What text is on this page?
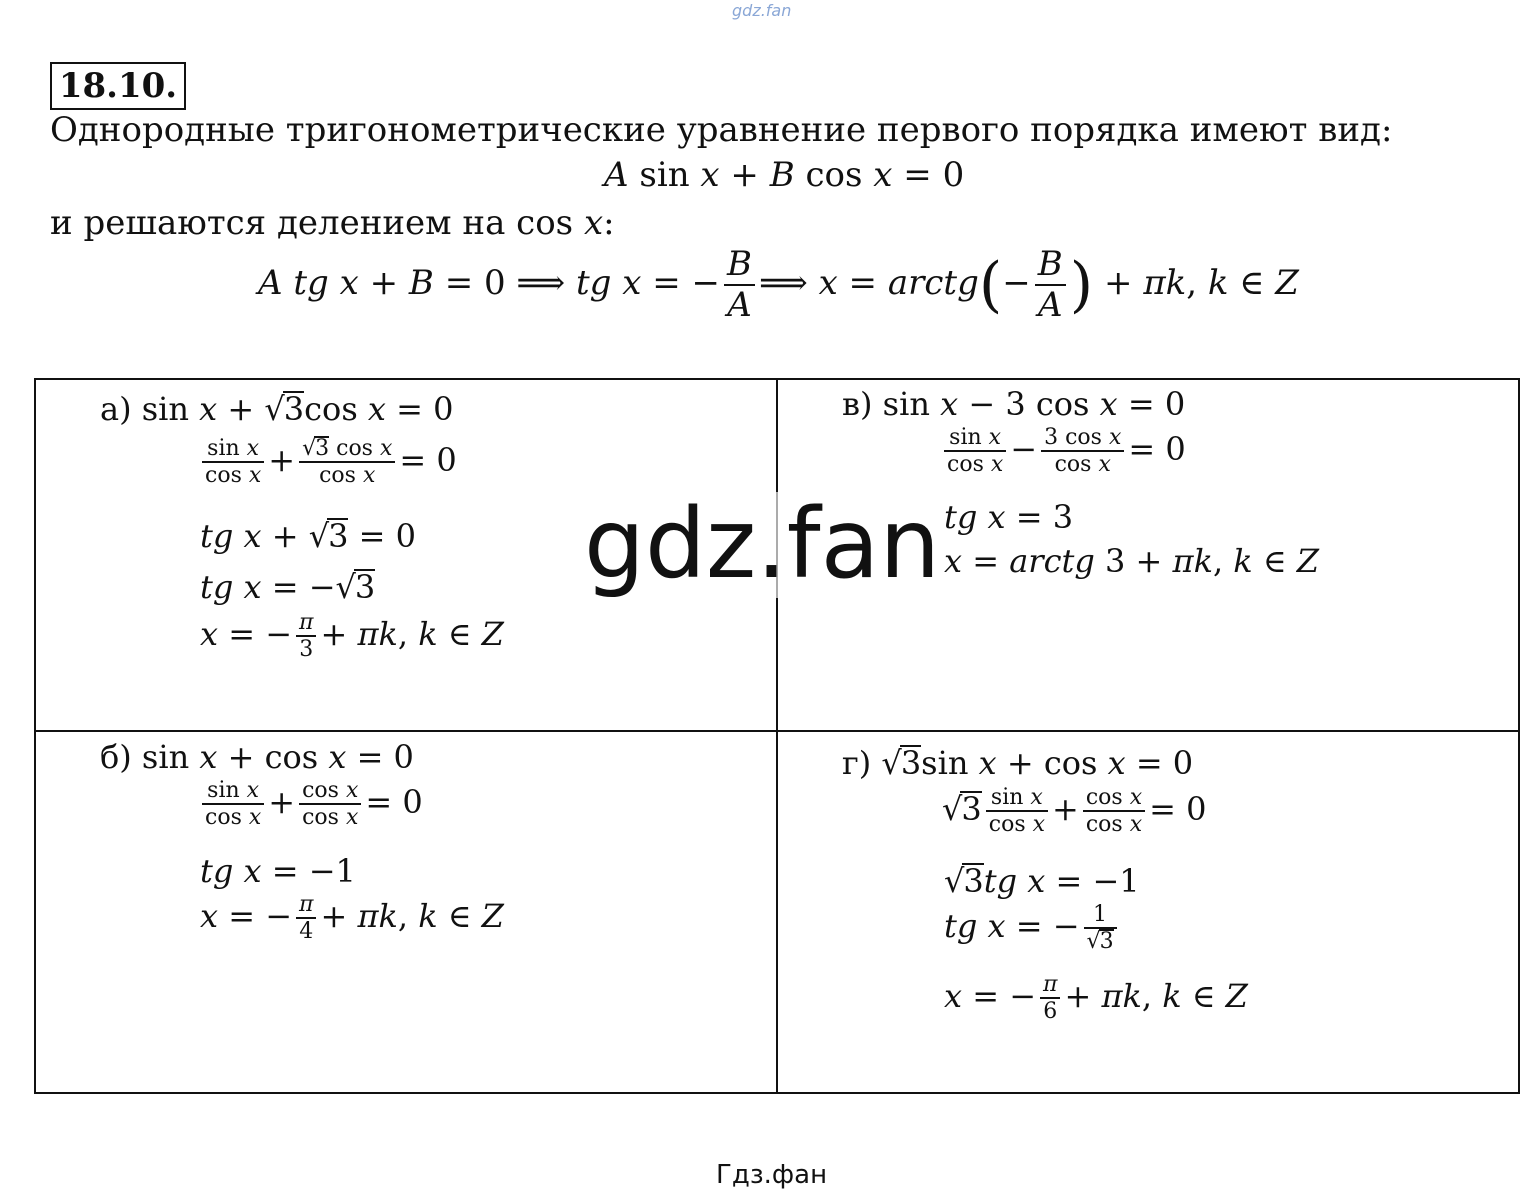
gdz.fan
18.10.
Однородные тригонометрические уравнение первого порядка имеют вид:
A sin x + B cos x = 0
и решаются делением на cos x:
A tg x + B = 0 ⟹ tg x = − $\frac{B}{A}$ ⟹ x = arctg(− $\frac{B}{A}$ ) + πk, k ∈ Z
а) sin x + √3cos x = 0
$\frac{\text{sin x}}{\text{cos x}} + \frac{\text{√3 cos x}}{\text{cos x}} = 0$
tg x + √3 = 0
tg x = −√3
x = − $\frac{\pi}{3} + \pi k$, k ∈ Z
в) sin x − 3 cos x = 0
$\frac{\text{sin x}}{\text{cos x}} - \frac{\text{3 cos x}}{\text{cos x}} = 0$
tg x = 3
x = arctg 3 + πk, k ∈ Z
б) sin x + cos x = 0
$\frac{\text{sin x}}{\text{cos x}} + \frac{\text{cos x}}{\text{cos x}} = 0$
tg x = −1
x = − $\frac{\pi}{4} + \pi k$, k ∈ Z
г) √3sin x + cos x = 0
$√3 \frac{\text{sin x}}{\text{cos x}} + \frac{\text{cos x}}{\text{cos x}} = 0$
√3tg x = −1
tg x = − $\frac{1}{√3}$
x = − $\frac{\pi}{6} + \pi k$, k ∈ Z
gdz.fan
Гдз.фан
